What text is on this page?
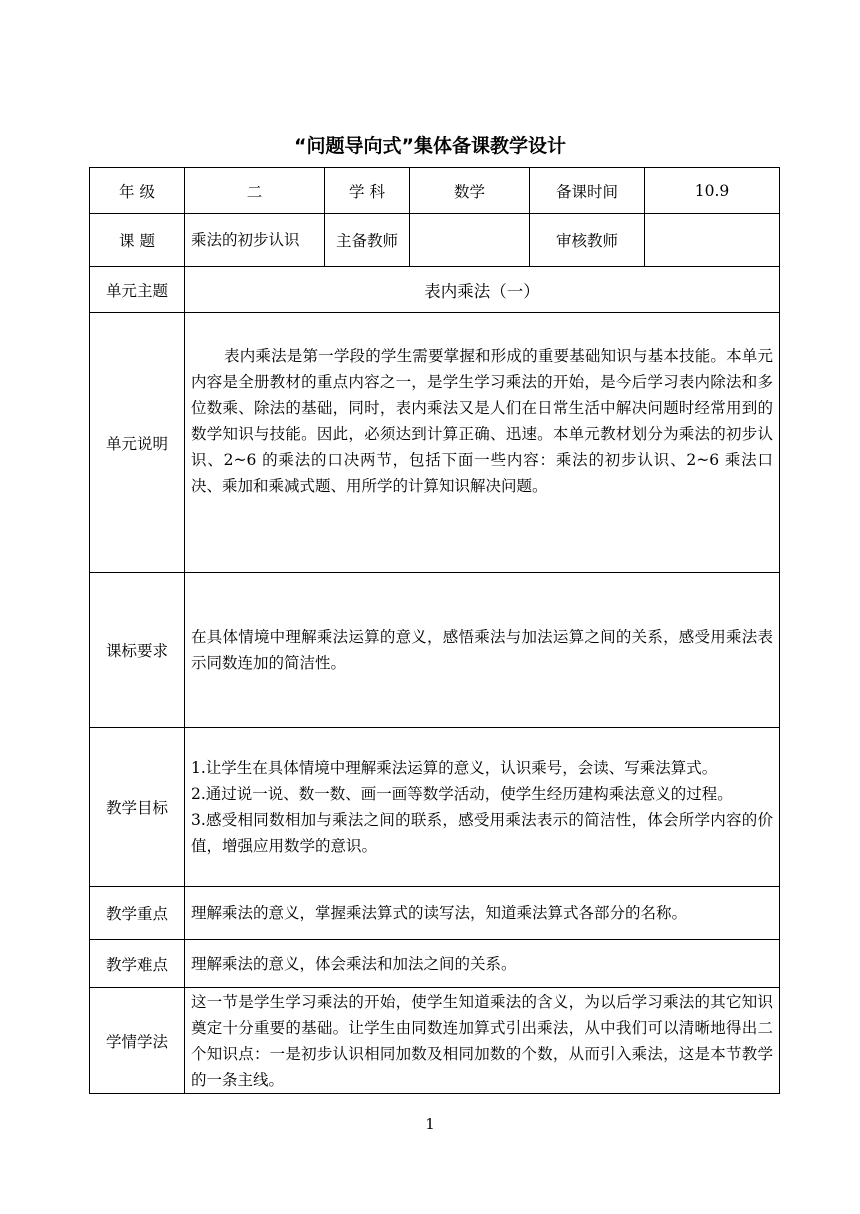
“问题导向式”集体备课教学设计
年 级	二	学 科	数学	备课时间	10.9
课 题	乘法的初步认识	主备教师		审核教师	
单元主题	表内乘法（一）				
单元说明	表内乘法是第一学段的学生需要掌握和形成的重要基础知识与基本技能。本单元内容是全册教材的重点内容之一，是学生学习乘法的开始，是今后学习表内除法和多位数乘、除法的基础，同时，表内乘法又是人们在日常生活中解决问题时经常用到的数学知识与技能。因此，必须达到计算正确、迅速。本单元教材划分为乘法的初步认识、2~6 的乘法的口决两节，包括下面一些内容：乘法的初步认识、2~6 乘法口决、乘加和乘减式题、用所学的计算知识解决问题。				

课标要求	在具体情境中理解乘法运算的意义，感悟乘法与加法运算之间的关系，感受用乘法表示同数连加的简洁性。				
教学目标	1.让学生在具体情境中理解乘法运算的意义，认识乘号，会读、写乘法算式。
2.通过说一说、数一数、画一画等数学活动，使学生经历建构乘法意义的过程。
3.感受相同数相加与乘法之间的联系，感受用乘法表示的简洁性，体会所学内容的价值，增强应用数学的意识。				

教学重点	理解乘法的意义，掌握乘法算式的读写法，知道乘法算式各部分的名称。				
教学难点	理解乘法的意义，体会乘法和加法之间的关系。				
学情学法	这一节是学生学习乘法的开始，使学生知道乘法的含义，为以后学习乘法的其它知识奠定十分重要的基础。让学生由同数连加算式引出乘法，从中我们可以清晰地得出二个知识点：一是初步认识相同加数及相同加数的个数，从而引入乘法，这是本节教学的一条主线。				
1
